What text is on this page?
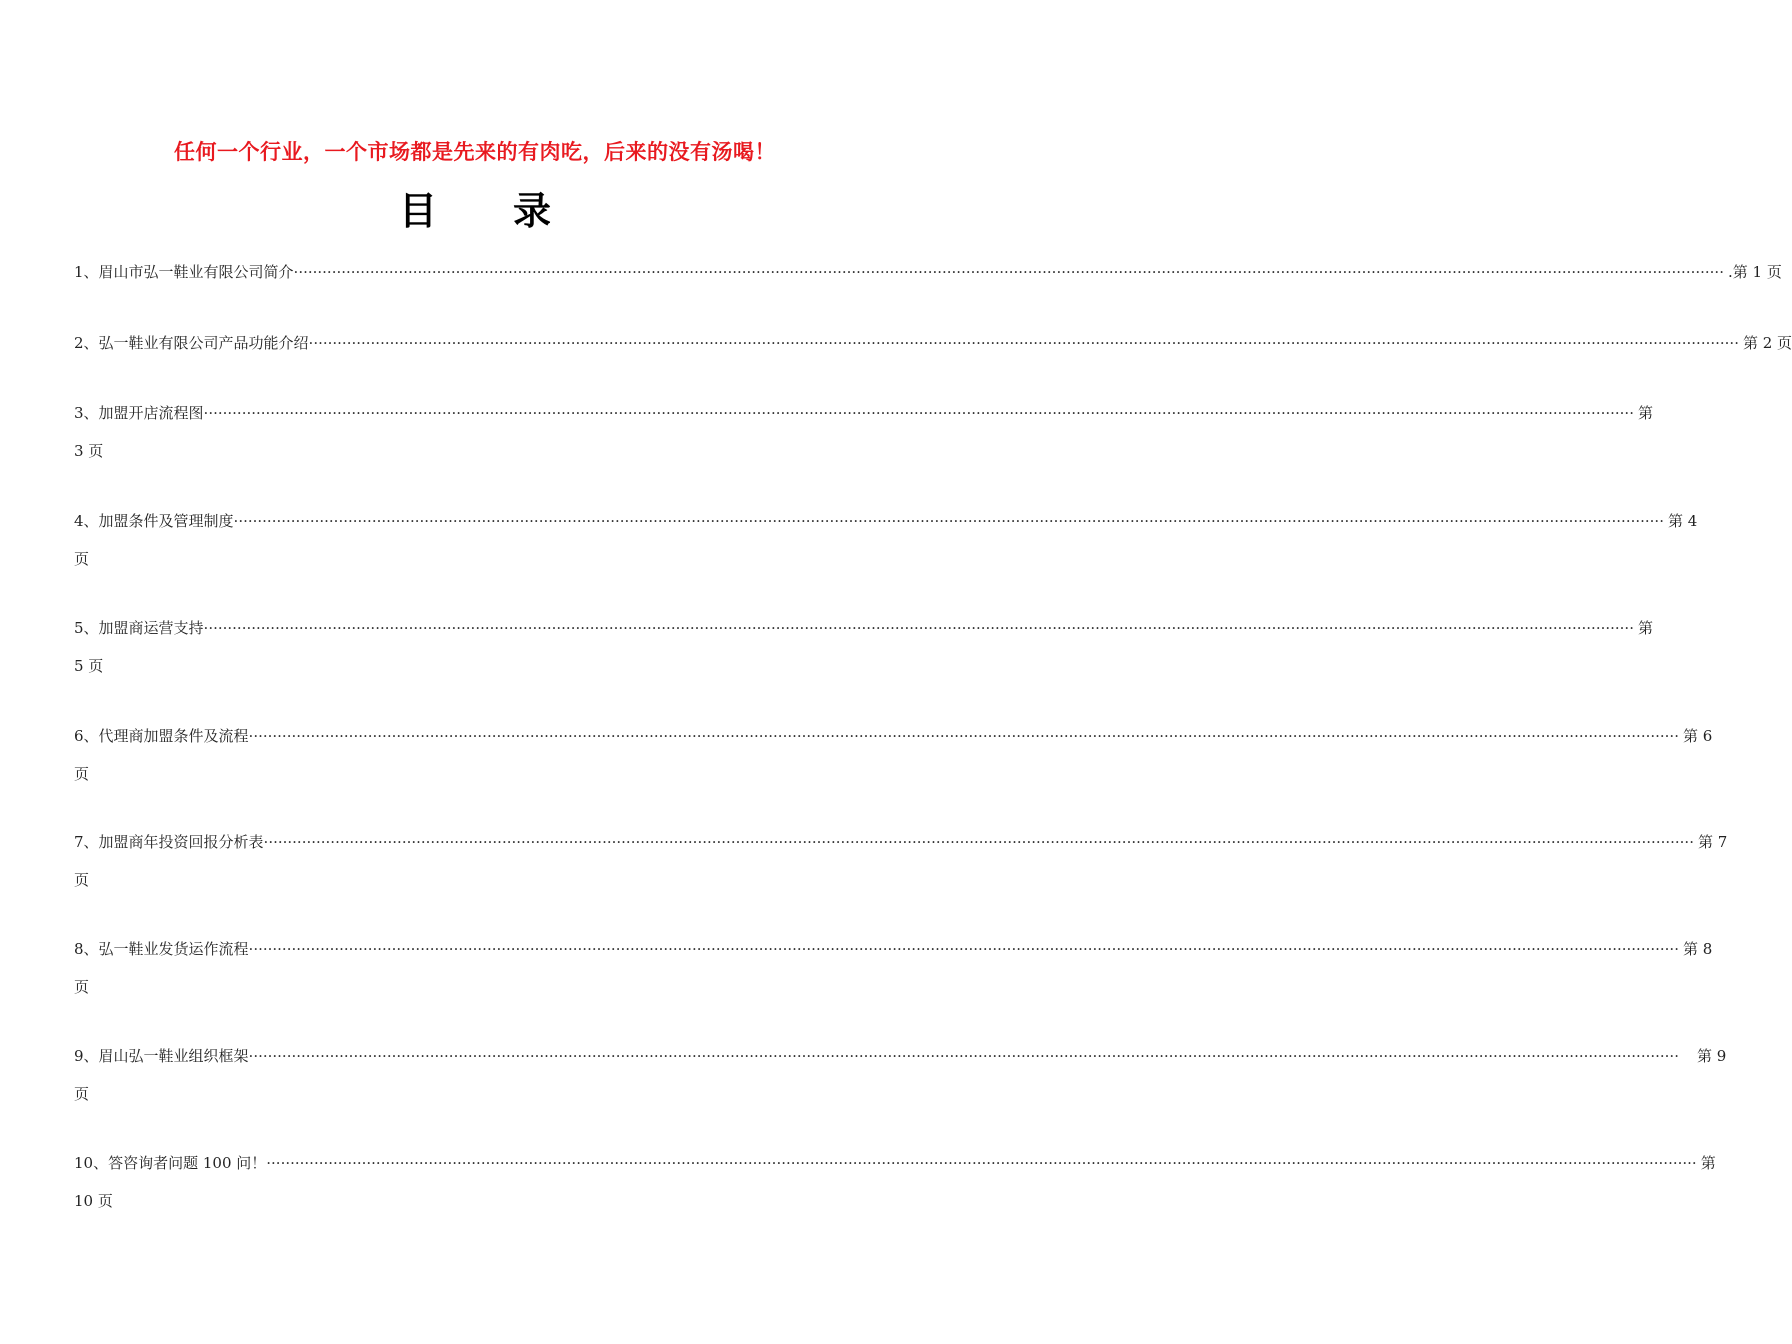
任何一个行业，一个市场都是先来的有肉吃，后来的没有汤喝！
目 录
1、眉山市弘一鞋业有限公司简介 ············································································································································································································································································································ .第 1 页
2、弘一鞋业有限公司产品功能介绍 ············································································································································································································································································································ 第 2 页
3、加盟开店流程图 ············································································································································································································································································································ 第
3 页
4、加盟条件及管理制度 ············································································································································································································································································································ 第 4
页
5、加盟商运营支持 ············································································································································································································································································································ 第
5 页
6、代理商加盟条件及流程 ············································································································································································································································································································ 第 6
页
7、加盟商年投资回报分析表 ············································································································································································································································································································ 第 7
页
8、弘一鞋业发货运作流程 ············································································································································································································································································································ 第 8
页
9、眉山弘一鞋业组织框架 ············································································································································································································································································································	第 9
页
10、答咨询者问题 100 问！ ············································································································································································································································································································ 第
10 页
